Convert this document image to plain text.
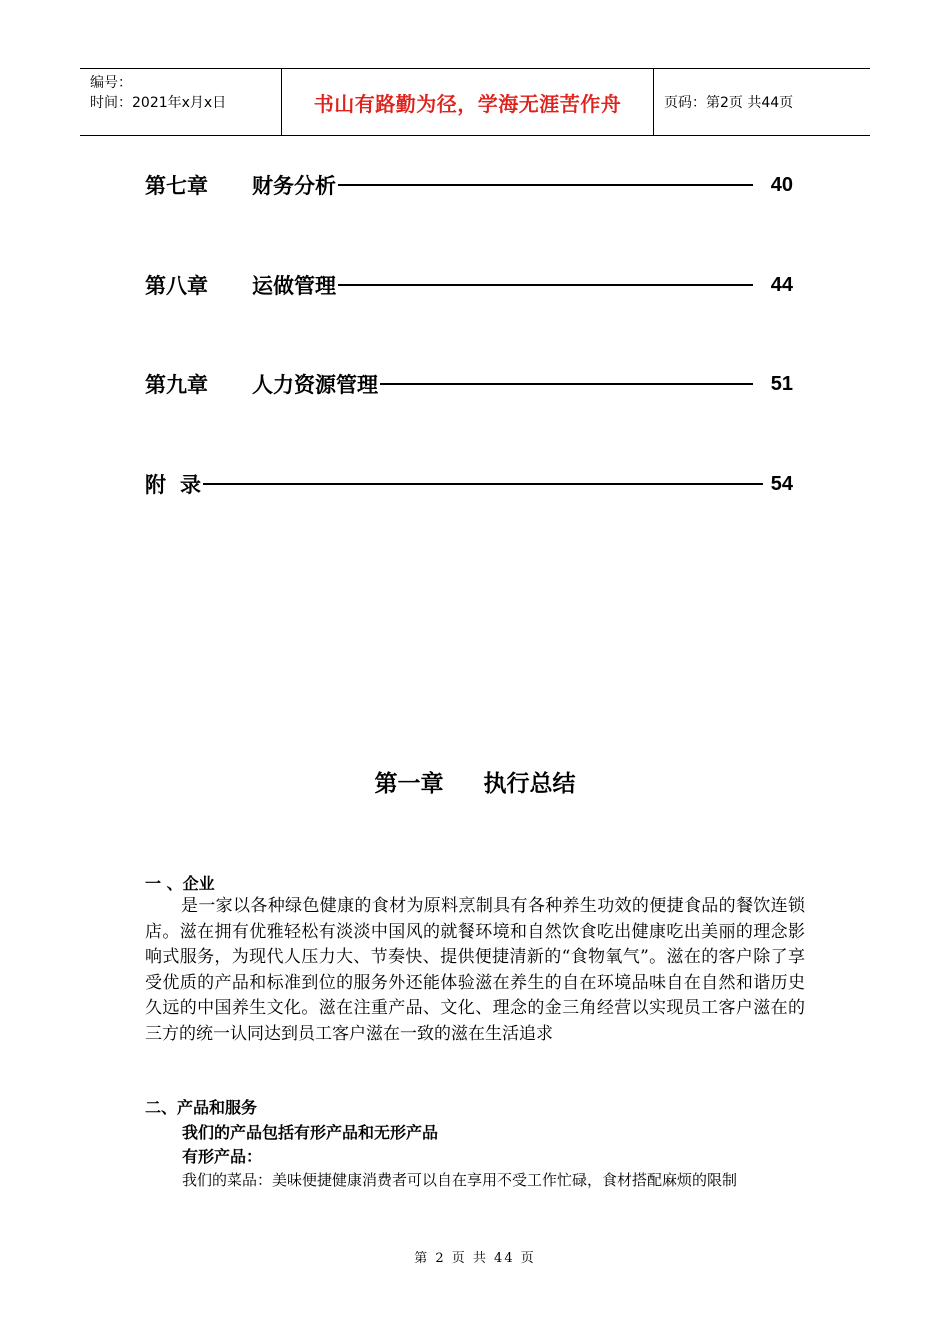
编号：
时间：2021年x月x日	书山有路勤为径，学海无涯苦作舟	页码：第2页 共44页
第七章	财务分析	40
第八章	运做管理	44
第九章	人力资源管理	51
附录	54
第一章 执行总结
一 、企业
是一家以各种绿色健康的食材为原料烹制具有各种养生功效的便捷食品的餐饮连锁店。滋在拥有优雅轻松有淡淡中国风的就餐环境和自然饮食吃出健康吃出美丽的理念影响式服务，为现代人压力大、节奏快、提供便捷清新的“食物氧气”。滋在的客户除了享受优质的产品和标准到位的服务外还能体验滋在养生的自在环境品味自在自然和谐历史久远的中国养生文化。滋在注重产品、文化、理念的金三角经营以实现员工客户滋在的三方的统一认同达到员工客户滋在一致的滋在生活追求
二、产品和服务
我们的产品包括有形产品和无形产品
有形产品：
我们的菜品：美味便捷健康消费者可以自在享用不受工作忙碌，食材搭配麻烦的限制
第 2 页 共 44 页
